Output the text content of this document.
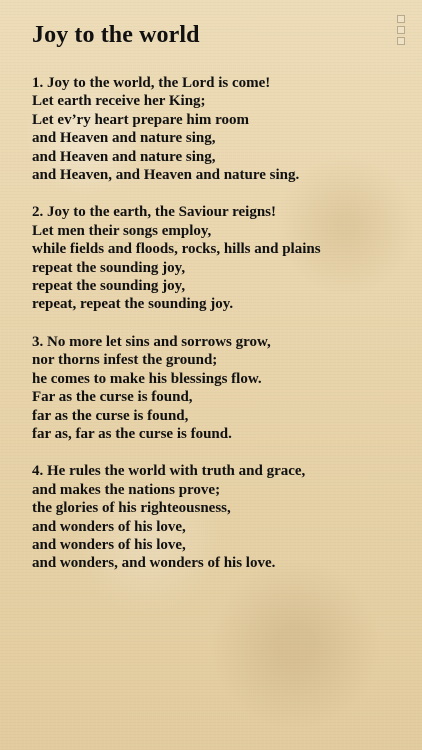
Joy to the world
1. Joy to the world, the Lord is come!
Let earth receive her King;
Let ev’ry heart prepare him room
and Heaven and nature sing,
and Heaven and nature sing,
and Heaven, and Heaven and nature sing.
2. Joy to the earth, the Saviour reigns!
Let men their songs employ,
while fields and floods, rocks, hills and plains
repeat the sounding joy,
repeat the sounding joy,
repeat, repeat the sounding joy.
3. No more let sins and sorrows grow,
nor thorns infest the ground;
he comes to make his blessings flow.
Far as the curse is found,
far as the curse is found,
far as, far as the curse is found.
4. He rules the world with truth and grace,
and makes the nations prove;
the glories of his righteousness,
and wonders of his love,
and wonders of his love,
and wonders, and wonders of his love.
